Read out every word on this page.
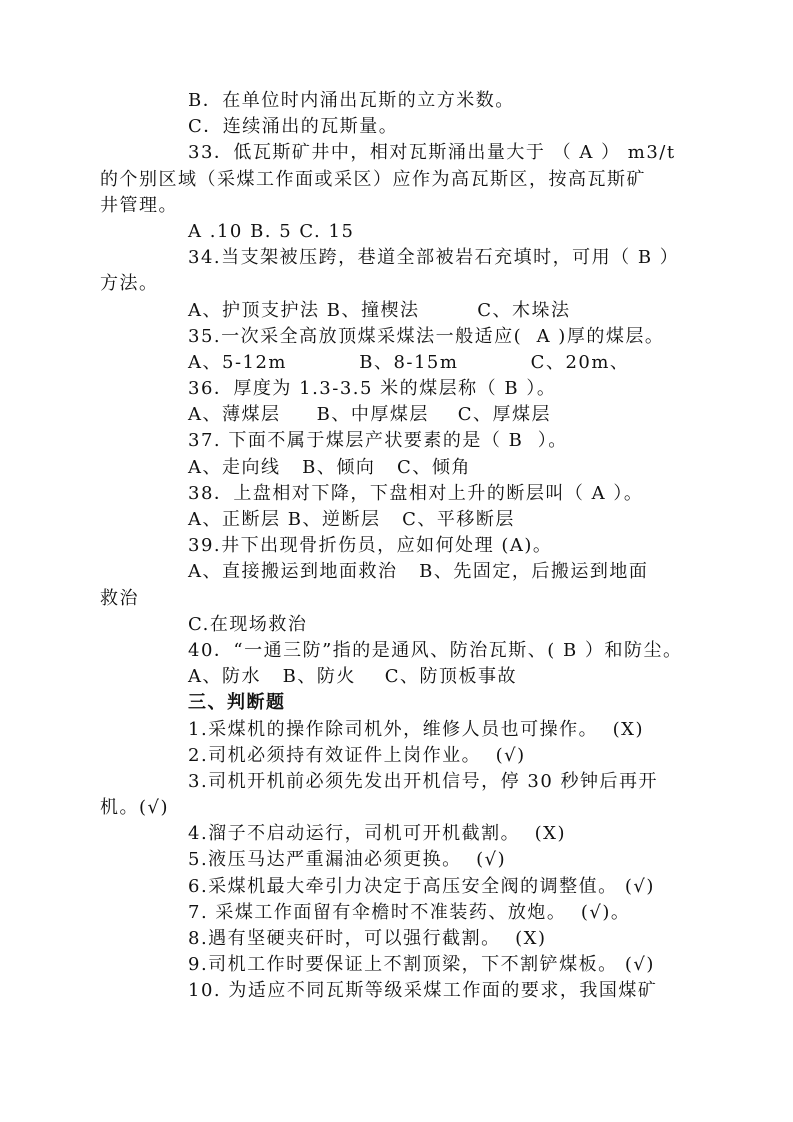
B．在单位时内涌出瓦斯的立方米数。
C．连续涌出的瓦斯量。
33．低瓦斯矿井中，相对瓦斯涌出量大于 （ A ） m3/t
的个别区域（采煤工作面或采区）应作为高瓦斯区，按高瓦斯矿
井管理。
A .10 B. 5 C. 15
34.当支架被压跨，巷道全部被岩石充填时，可用（ B ）
方法。
A、护顶支护法 B、撞楔法        C、木垛法
35.一次采全高放顶煤采煤法一般适应(  A )厚的煤层。
A、5-12m          B、8-15m          C、20m、
36．厚度为 1.3-3.5 米的煤层称（ B ）。
A、薄煤层     B、中厚煤层    C、厚煤层
37. 下面不属于煤层产状要素的是（ B  ）。
A、走向线   B、倾向   C、倾角
38．上盘相对下降，下盘相对上升的断层叫（ A ）。
A、正断层 B、逆断层   C、平移断层
39.井下出现骨折伤员，应如何处理 (A)。
A、直接搬运到地面救治   B、先固定，后搬运到地面
救治
C.在现场救治
40．“一通三防”指的是通风、防治瓦斯、( B ）和防尘。
A、防水   B、防火    C、防顶板事故
三、判断题
1.采煤机的操作除司机外，维修人员也可操作。  (X)
2.司机必须持有效证件上岗作业。  (√)
3.司机开机前必须先发出开机信号，停 30 秒钟后再开
机。(√)
4.溜子不启动运行，司机可开机截割。  (X)
5.液压马达严重漏油必须更换。  (√)
6.采煤机最大牵引力决定于高压安全阀的调整值。 (√)
7. 采煤工作面留有伞檐时不准装药、放炮。  (√)。
8.遇有坚硬夹矸时，可以强行截割。  (X)
9.司机工作时要保证上不割顶梁，下不割铲煤板。 (√)
10. 为适应不同瓦斯等级采煤工作面的要求，我国煤矿
